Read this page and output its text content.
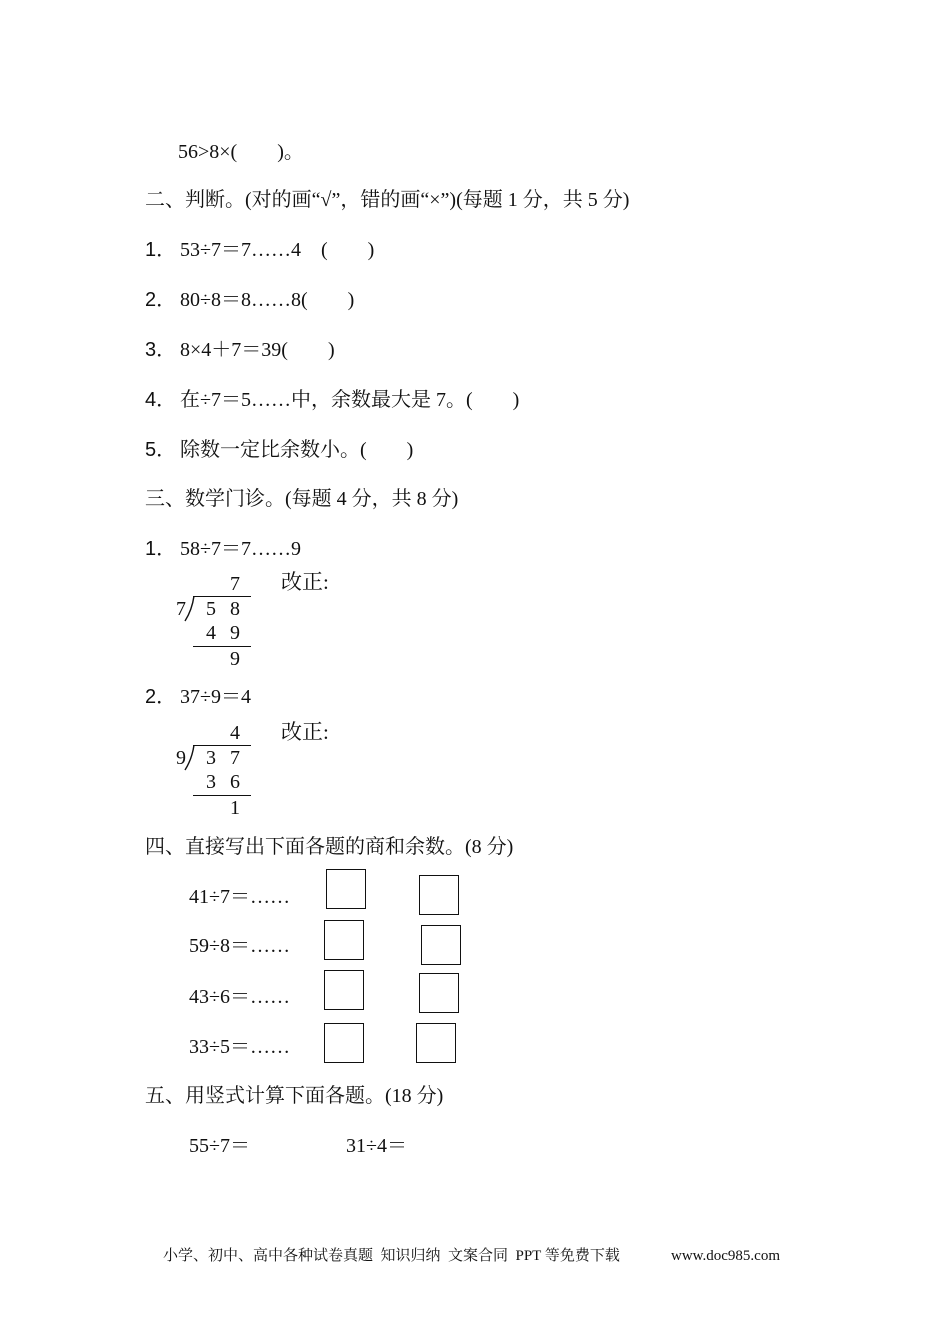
56>8×(　　)。
二、判断。(对的画“√”，错的画“×”)(每题 1 分，共 5 分)
1． 53÷7＝7……4　(　　)
2． 80÷8＝8……8(　　)
3． 8×4＋7＝39(　　)
4． 在÷7＝5……中，余数最大是 7。(　　)
5． 除数一定比余数小。(　　)
三、数学门诊。(每题 4 分，共 8 分)
1． 58÷7＝7……9
7
7 5 8
4 9
9
改正:
2． 37÷9＝4
4
9 3 7
3 6
1
改正:
四、直接写出下面各题的商和余数。(8 分)
41÷7＝……
59÷8＝……
43÷6＝……
33÷5＝……
五、用竖式计算下面各题。(18 分)
55÷7＝	31÷4＝
小学、初中、高中各种试卷真题  知识归纳  文案合同  PPT 等免费下载	www.doc985.com
